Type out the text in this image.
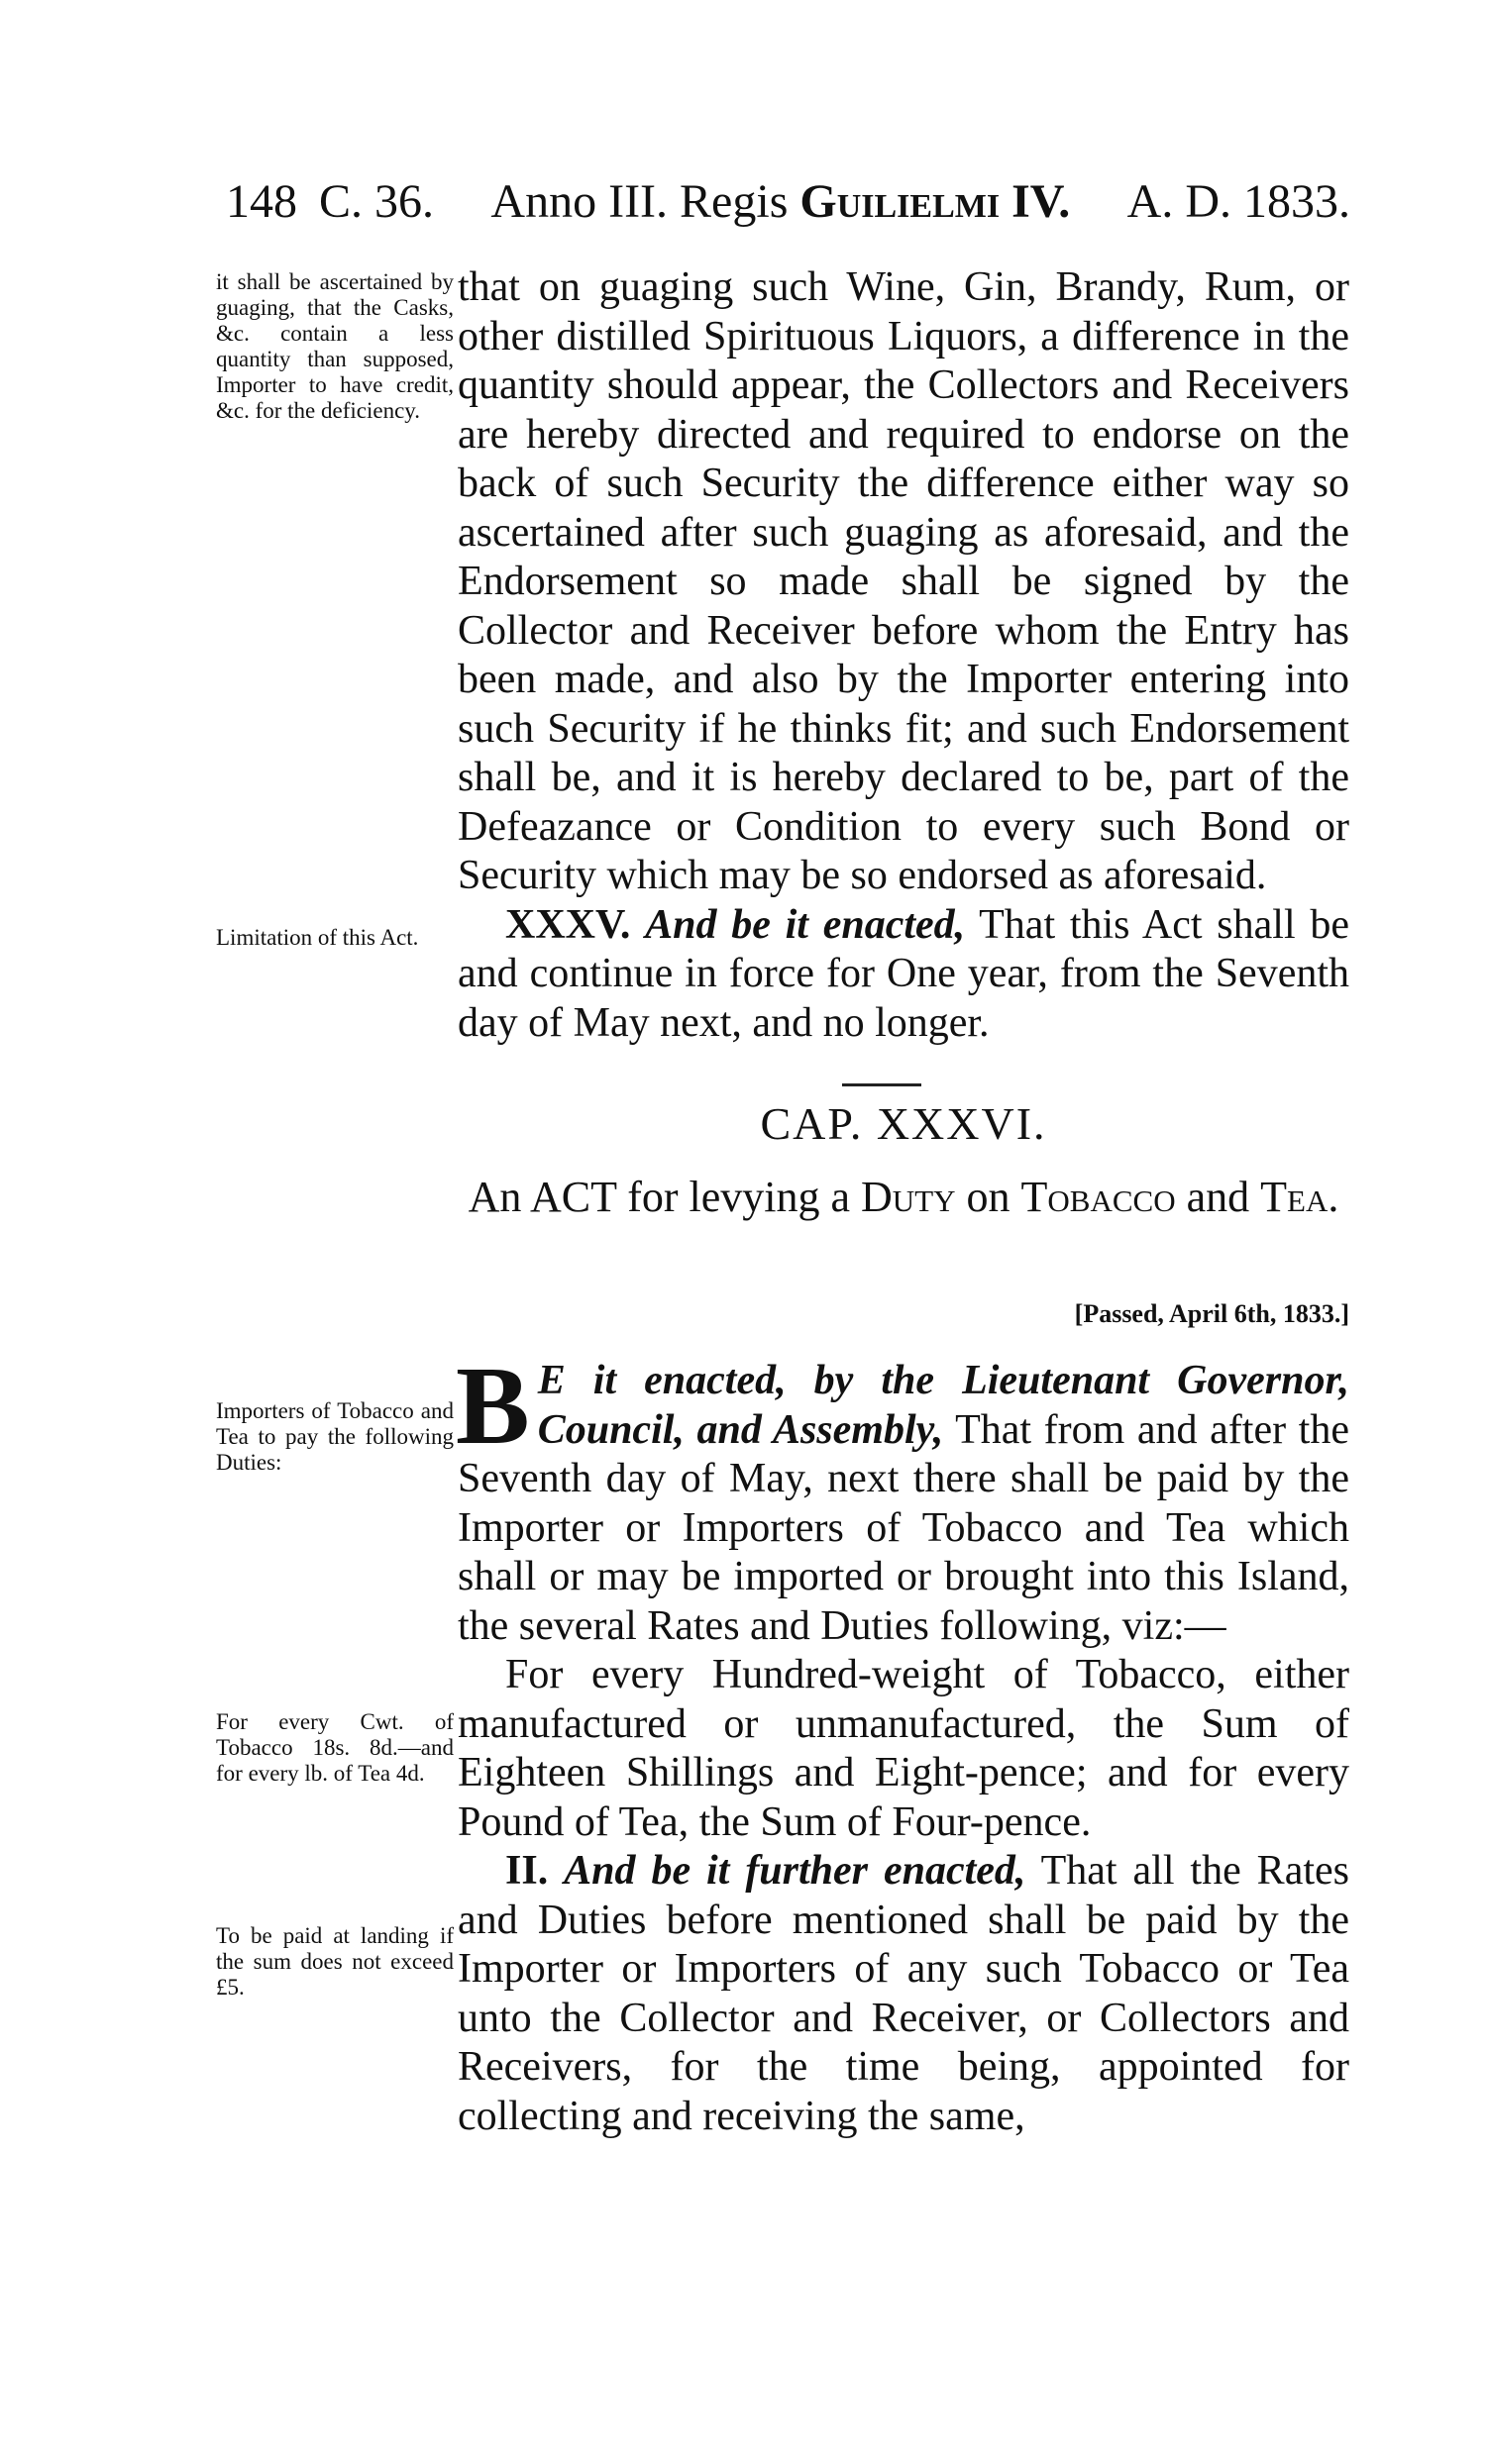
148 C. 36.	Anno III. Regis Guilielmi IV.	A. D. 1833.
it shall be ascertained by guaging, that the Casks, &c. contain a less quantity than supposed, Importer to have credit, &c. for the deficiency.
Limitation of this Act.
Importers of Tobacco and Tea to pay the following Duties:
For every Cwt. of Tobacco 18s. 8d.—and for every lb. of Tea 4d.
To be paid at landing if the sum does not exceed £5.

that on guaging such Wine, Gin, Brandy, Rum, or other distilled Spirituous Liquors, a difference in the quantity should appear, the Collectors and Receivers are hereby directed and required to endorse on the back of such Security the difference either way so ascertained after such guaging as aforesaid, and the Endorsement so made shall be signed by the Collector and Receiver before whom the Entry has been made, and also by the Importer entering into such Security if he thinks fit; and such Endorsement shall be, and it is hereby declared to be, part of the Defeazance or Condition to every such Bond or Security which may be so endorsed as aforesaid.

XXXV. And be it enacted, That this Act shall be and continue in force for One year, from the Seventh day of May next, and no longer.

CAP. XXXVI.
An ACT for levying a Duty on Tobacco and Tea.
[Passed, April 6th, 1833.]

B E it enacted, by the Lieutenant Governor, Council, and Assembly, That from and after the Seventh day of May, next there shall be paid by the Importer or Importers of Tobacco and Tea which shall or may be imported or brought into this Island, the several Rates and Duties following, viz:—

For every Hundred-weight of Tobacco, either manufactured or unmanufactured, the Sum of Eighteen Shillings and Eight-pence; and for every Pound of Tea, the Sum of Four-pence.

II. And be it further enacted, That all the Rates and Duties before mentioned shall be paid by the Importer or Importers of any such Tobacco or Tea unto the Collector and Receiver, or Collectors and Receivers, for the time being, appointed for collecting and receiving the same,
